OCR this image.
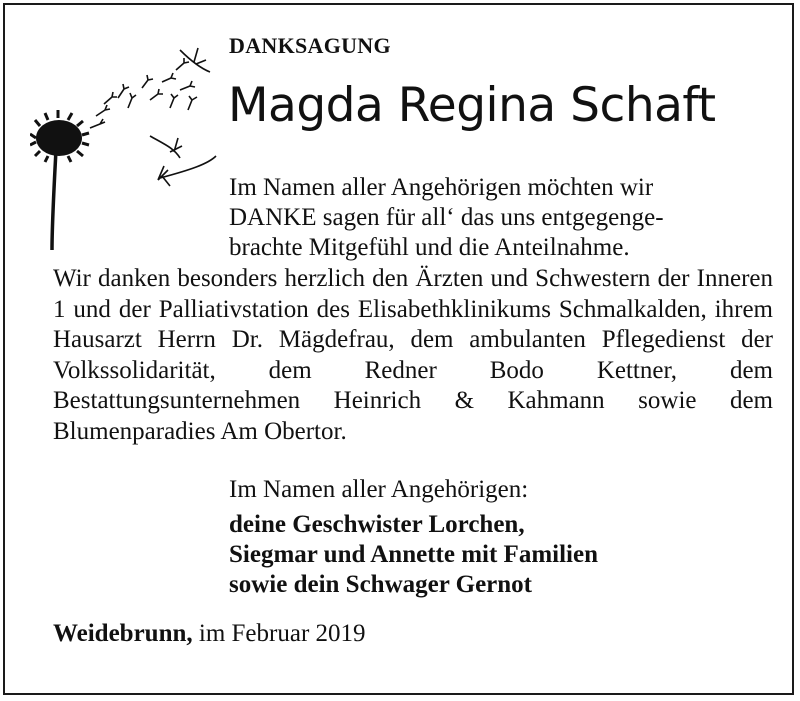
DANKSAGUNG
Magda Regina Schaft
Im Namen aller Angehörigen möchten wir
DANKE sagen für all‘ das uns entgegenge-
brachte Mitgefühl und die Anteilnahme.
Wir danken besonders herzlich den Ärzten und Schwestern der Inneren 1 und der Palliativstation des Elisabethklinikums Schmalkalden, ihrem Hausarzt Herrn Dr. Mägdefrau, dem ambulanten Pflegedienst der Volkssolidarität, dem Redner Bodo Kettner, dem Bestattungsunternehmen Heinrich & Kahmann sowie dem Blumenparadies Am Obertor.
Im Namen aller Angehörigen:
deine Geschwister Lorchen,
Siegmar und Annette mit Familien
sowie dein Schwager Gernot
Weidebrunn, im Februar 2019
